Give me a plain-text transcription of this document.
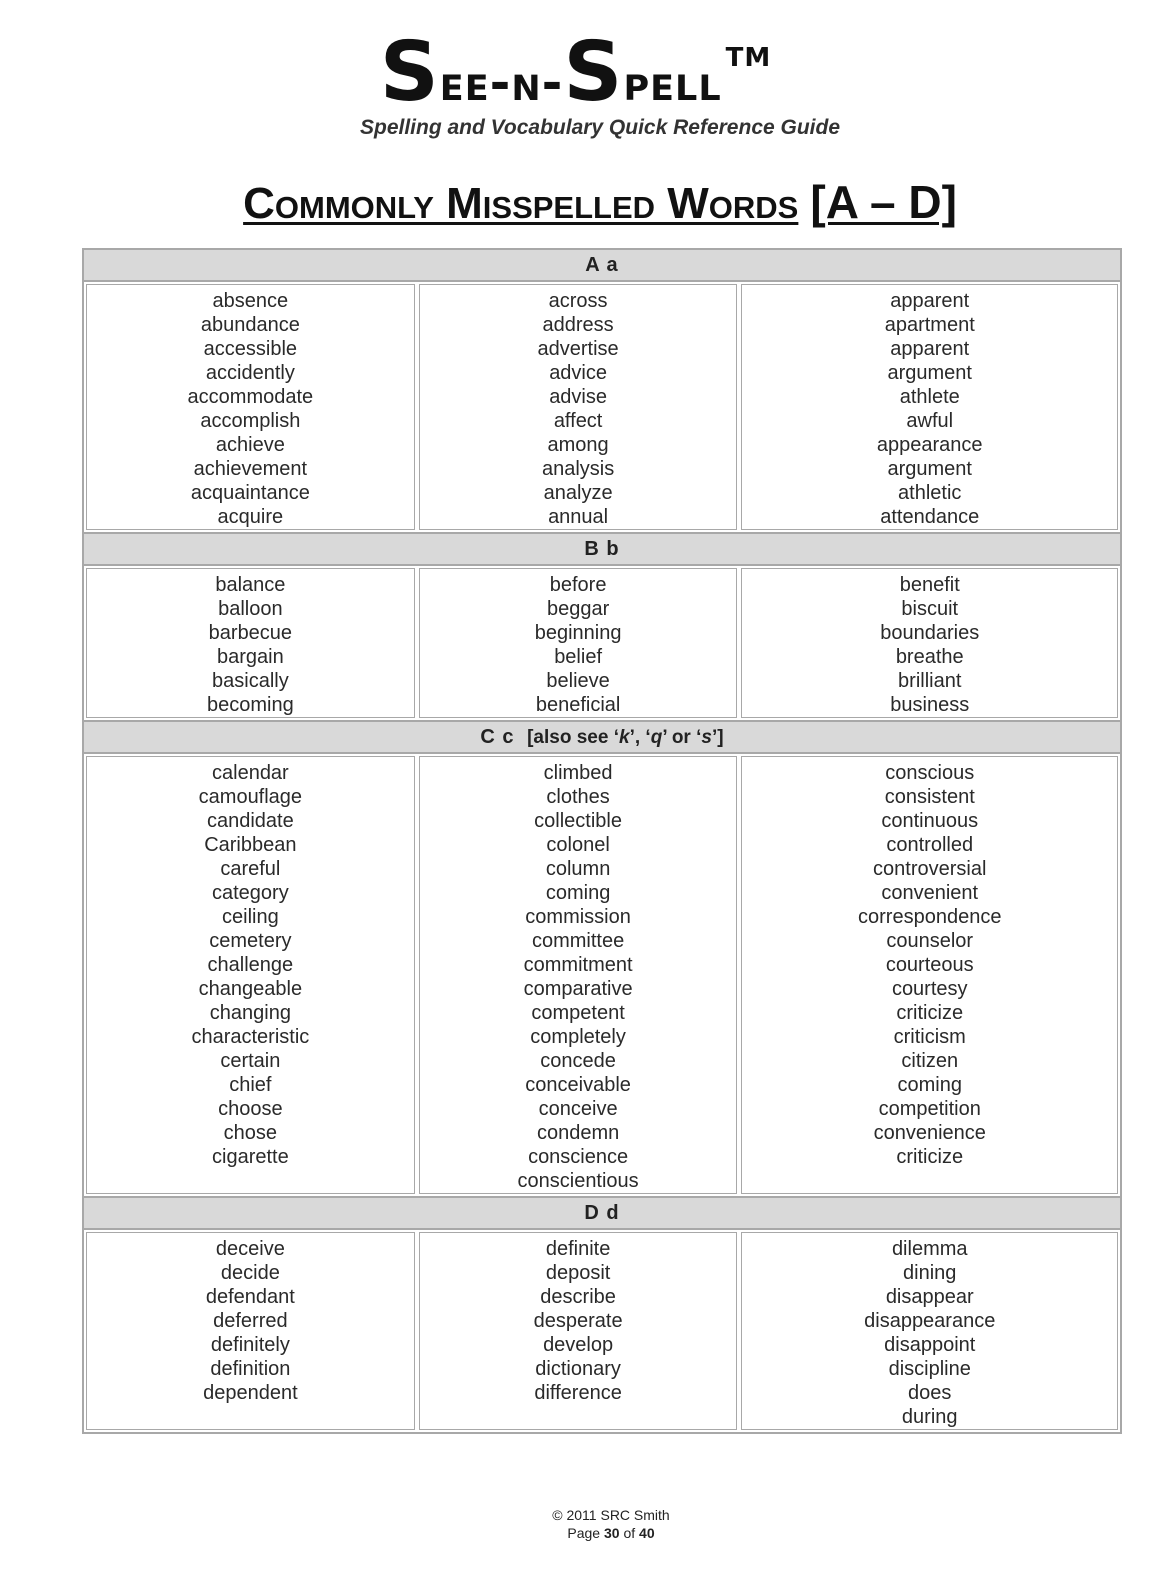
See-n-Spell ™
Spelling and Vocabulary Quick Reference Guide
Commonly Misspelled Words [A – D]
A a
absence
abundance
accessible
accidently
accommodate
accomplish
achieve
achievement
acquaintance
acquire
across
address
advertise
advice
advise
affect
among
analysis
analyze
annual
apparent
apartment
apparent
argument
athlete
awful
appearance
argument
athletic
attendance
B b
balance
balloon
barbecue
bargain
basically
becoming
before
beggar
beginning
belief
believe
beneficial
benefit
biscuit
boundaries
breathe
brilliant
business
C c [also see ‘k’, ‘q’ or ‘s’]
calendar
camouflage
candidate
Caribbean
careful
category
ceiling
cemetery
challenge
changeable
changing
characteristic
certain
chief
choose
chose
cigarette
climbed
clothes
collectible
colonel
column
coming
commission
committee
commitment
comparative
competent
completely
concede
conceivable
conceive
condemn
conscience
conscientious
conscious
consistent
continuous
controlled
controversial
convenient
correspondence
counselor
courteous
courtesy
criticize
criticism
citizen
coming
competition
convenience
criticize
D d
deceive
decide
defendant
deferred
definitely
definition
dependent
definite
deposit
describe
desperate
develop
dictionary
difference
dilemma
dining
disappear
disappearance
disappoint
discipline
does
during
© 2011 SRC Smith
Page 30 of 40
